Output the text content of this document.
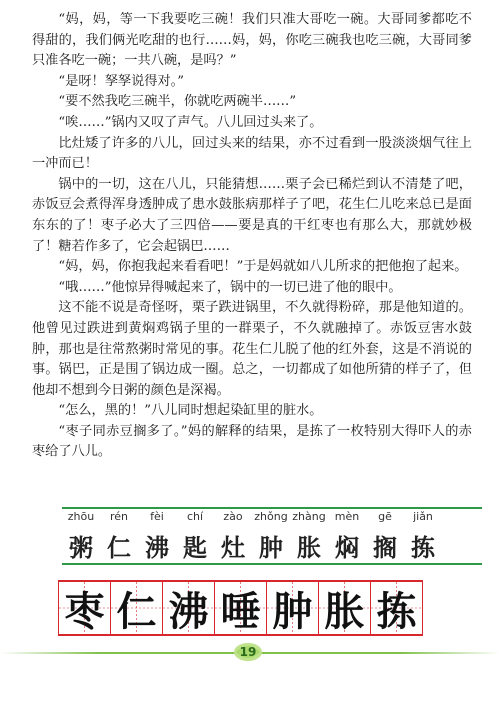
“妈，妈，等一下我要吃三碗！我们只准大哥吃一碗。大哥同爹都吃不得甜的，我们俩光吃甜的也行……妈，妈，你吃三碗我也吃三碗，大哥同爹只准各吃一碗；一共八碗，是吗？”

“是呀！孥孥说得对。”

“要不然我吃三碗半，你就吃两碗半……”

“唉……”锅内又叹了声气。八儿回过头来了。

比灶矮了许多的八儿，回过头来的结果，亦不过看到一股淡淡烟气往上一冲而已！

锅中的一切，这在八儿，只能猜想……栗子会已稀烂到认不清楚了吧，赤饭豆会煮得浑身透肿成了患水鼓胀病那样子了吧，花生仁儿吃来总已是面东东的了！枣子必大了三四倍——要是真的干红枣也有那么大，那就妙极了！糖若作多了，它会起锅巴……

“妈，妈，你抱我起来看看吧！”于是妈就如八儿所求的把他抱了起来。

“哦……”他惊异得喊起来了，锅中的一切已进了他的眼中。

这不能不说是奇怪呀，栗子跌进锅里，不久就得粉碎，那是他知道的。他曾见过跌进到黄焖鸡锅子里的一群栗子，不久就融掉了。赤饭豆害水鼓肿，那也是往常熬粥时常见的事。花生仁儿脱了他的红外套，这是不消说的事。锅巴，正是围了锅边成一圈。总之，一切都成了如他所猜的样子了，但他却不想到今日粥的颜色是深褐。

“怎么，黑的！”八儿同时想起染缸里的脏水。

“枣子同赤豆搁多了。”妈的解释的结果，是拣了一枚特别大得吓人的赤枣给了八儿。

zhōu	rén	fèi	chí	zào	zhǒng zhàng mèn	gē	jiǎn
粥 仁 沸 匙 灶 肿 胀 焖 搁 拣
枣 仁 沸 唾 肿 胀 拣
19
